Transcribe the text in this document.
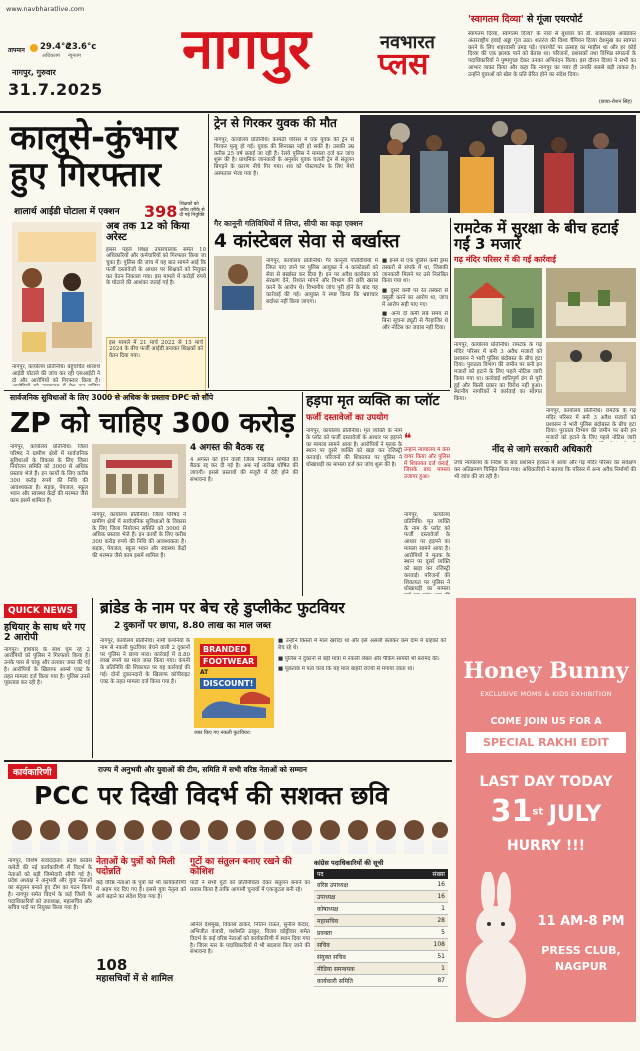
www.navbharatlive.com
तापमान 29.4°c
23.6°c
अधिकतम न्यूनतम
नागपुर, गुरुवार
31.7.2025
नागपुर	नवभारत
प्लस
'स्वागतम दिव्या' से गूंजा एयरपोर्ट
स्वागतम दिव्या, स्वागतम दिव्या' के नारों से बुधवार को डॉ. बाबासाहब आंबेडकर अंतरराष्ट्रीय हवाई अड्डा गूंज उठा। शतरंज की विश्व चैंपियन दिव्या देशमुख का स्वागत करने के लिए शहरवासी उमड़ पड़े। एयरपोर्ट पर उत्साह का माहौल था और हर कोई दिव्या की एक झलक पाने को बेताब था। परिजनों, प्रशंसकों तथा विभिन्न संगठनों के पदाधिकारियों ने पुष्पगुच्छ देकर उनका अभिनंदन किया। इस दौरान दिव्या ने सभी का आभार व्यक्त किया और कहा कि नागपुर का प्यार ही उनकी सबसे बड़ी ताकत है। उन्होंने युवाओं को खेल के प्रति प्रेरित होने का संदेश दिया।
(छाया-रोशन सिंह)
कालुसे-कुंभार हुए गिरफ्तार
शालार्थ आईडी घोटाला में एक्शन 398 शिक्षकों को अवैध तरीके से दी गई नियुक्ति
नागपुर, कार्यालय प्रतिनिधि। बहुचर्चित शालार्थ आईडी घोटाले की जांच कर रही एसआईटी ने दो और आरोपियों को गिरफ्तार किया है।
अब तक 12 को किया अरेस्ट
इससे पहले शिक्षा उपसंचालक समेत 10 अधिकारियों और कर्मचारियों को गिरफ्तार किया जा चुका है। पुलिस की जांच में यह बात सामने आई कि फर्जी दस्तावेजों के आधार पर शिक्षकों को नियुक्त कर वेतन निकाला गया। इस मामले में करोड़ों रुपये के घोटाले की आशंका जताई गई है।
इस मामले में 21 मार्च 2022 से 15 मार्च 2024 के बीच फर्जी आईडी बनाकर शिक्षकों को वेतन दिया गया।
ट्रेन से गिरकर युवक की मौत
नागपुर, कार्यालय प्रतिनिधि। कामठी परिसर में एक युवक की ट्रेन से गिरकर मृत्यु हो गई। युवक की शिनाख्त नहीं हो सकी है। उसकी उम्र करीब 25 वर्ष बताई जा रही है। रेलवे पुलिस ने मामला दर्ज कर जांच शुरू की है। प्राथमिक जानकारी के अनुसार युवक चलती ट्रेन से संतुलन बिगड़ने के कारण नीचे गिर गया। शव को पोस्टमार्टम के लिए मेयो अस्पताल भेजा गया है।
गैर कानूनी गतिविधियों में लिप्त, सीपी का कड़ा एक्शन
4 कांस्टेबल सेवा से बर्खास्त
नागपुर, कार्यालय प्रतिनिधि। गैर कानूनी गतिविधियों में लिप्त पाए जाने पर पुलिस आयुक्त ने 4 कांस्टेबलों को सेवा से बर्खास्त कर दिया है। इन पर अवैध कारोबार को संरक्षण देने, रिश्वत मांगने और विभाग की छवि खराब करने के आरोप थे। विभागीय जांच पूरी होने के बाद यह कार्रवाई की गई। आयुक्त ने स्पष्ट किया कि भ्रष्टाचार बर्दाश्त नहीं किया जाएगा।
■ इनमें से एक पुलिस कर्मी ड्रग्स तस्करों से संपर्क में था, जिसकी जानकारी मिलने पर उसे निलंबित किया गया था।
■ दूसरे कर्मी पर रेत तस्करों से वसूली करने का आरोप था, जांच में आरोप सही पाए गए।
■ अन्य दो कर्मी लंबे समय से बिना सूचना ड्यूटी से गैरहाजिर थे और नोटिस का जवाब नहीं दिया।
रामटेक में सुरक्षा के बीच हटाई गईं 3 मजारें
गढ़ मंदिर परिसर में की गई कार्रवाई
नागपुर, कार्यालय प्रतिनिधि। रामटेक के गढ़ मंदिर परिसर में बनी 3 अवैध मजारों को प्रशासन ने भारी पुलिस बंदोबस्त के बीच हटा दिया। पुरातत्व विभाग की जमीन पर बनी इन मजारों को हटाने के लिए पहले नोटिस जारी किया गया था। कार्रवाई शांतिपूर्ण ढंग से पूरी हुई और किसी प्रकार का विरोध नहीं हुआ। स्थानीय नागरिकों ने कार्रवाई का स्वागत किया।
नागपुर, कार्यालय प्रतिनिधि। रामटेक के गढ़ मंदिर परिसर में बनी 3 अवैध मजारों को प्रशासन ने भारी पुलिस बंदोबस्त के बीच हटा दिया। पुरातत्व विभाग की जमीन पर बनी इन मजारों को हटाने के लिए पहले नोटिस जारी
नींद से जागे सरकारी अधिकारी
उच्च न्यायालय के निर्देश के बाद प्रशासन हरकत में आया और गढ़ मंदिर परिसर का सर्वेक्षण कर अतिक्रमण चिन्हित किया गया। अधिकारियों ने बताया कि परिसर में अन्य अवैध निर्माणों की भी जांच की जा रही है।
सार्वजनिक सुविधाओं के लिए 3000 से अधिक के प्रस्ताव DPC को सौंपे
ZP को चाहिए 300 करोड़
नागपुर, कार्यालय प्रतिनिधि। जिला परिषद ने ग्रामीण क्षेत्रों में सार्वजनिक सुविधाओं के विकास के लिए जिला नियोजन समिति को 3000 से अधिक प्रस्ताव भेजे हैं। इन कार्यों के लिए करीब 300 करोड़ रुपये की निधि की आवश्यकता है। सड़क, पेयजल, स्कूल भवन और स्वास्थ्य केंद्रों की मरम्मत जैसे काम इसमें शामिल हैं।
नागपुर, कार्यालय प्रतिनिधि। जिला परिषद ने ग्रामीण क्षेत्रों में सार्वजनिक सुविधाओं के विकास के लिए जिला नियोजन समिति को 3000 से अधिक प्रस्ताव भेजे हैं। इन कार्यों के लिए करीब 300 करोड़ रुपये की निधि की आवश्यकता है। सड़क, पेयजल, स्कूल भवन और स्वास्थ्य केंद्रों की मरम्मत जैसे काम इसमें शामिल हैं।
4 अगस्त की बैठक रद्द
4 अगस्त को होने वाली जिला नियोजन समिति की बैठक रद्द कर दी गई है। अब नई तारीख घोषित की जाएगी। इससे प्रस्तावों की मंजूरी में देरी होने की संभावना है।
हड़पा मृत व्यक्ति का प्लॉट
फर्जी दस्तावेजों का उपयोग
नागपुर, कार्यालय प्रतिनिधि। मृत व्यक्ति के नाम के प्लॉट को फर्जी दस्तावेजों के आधार पर हड़पने का मामला सामने आया है। आरोपियों ने मृतक के स्थान पर दूसरे व्यक्ति को खड़ा कर रजिस्ट्री करवाई। परिजनों की शिकायत पर पुलिस ने धोखाधड़ी का मामला दर्ज कर जांच शुरू की है।
❝
उन्होंने न्यायालय में केस दायर किया और पुलिस में शिकायत दर्ज कराई, जिसके बाद मामला उजागर हुआ।
नागपुर, कार्यालय प्रतिनिधि। मृत व्यक्ति के नाम के प्लॉट को फर्जी दस्तावेजों के आधार पर हड़पने का मामला सामने आया है। आरोपियों ने मृतक के स्थान पर दूसरे व्यक्ति को खड़ा कर रजिस्ट्री करवाई। परिजनों की शिकायत पर पुलिस ने धोखाधड़ी का मामला
QUICK NEWS
हथियार के साथ धरे गए 2 आरोपी
नागपुर। हथियार के साथ घूम रहे 2 आरोपियों को पुलिस ने गिरफ्तार किया है। उनके पास से चाकू और तलवार जब्त की गई है। आरोपियों के खिलाफ आर्म्स एक्ट के तहत मामला दर्ज किया गया है। पुलिस उनसे पूछताछ कर रही है।
ब्रांडेड के नाम पर बेच रहे डुप्लीकेट फुटवियर
2 दुकानों पर छापा, 8.80 लाख का माल जब्त
नागपुर, कार्यालय प्रतिनिधि। नामी कंपनियों के नाम से नकली फुटवियर बेचने वाली 2 दुकानों पर पुलिस ने छापा मारा। कार्रवाई में 8.80 लाख रुपये का माल जब्त किया गया। कंपनी के प्रतिनिधि की शिकायत पर यह कार्रवाई की गई। दोनों दुकानदारों के खिलाफ कॉपीराइट एक्ट के तहत मामला दर्ज किया गया है।
BRANDED
FOOTWEAR
AT
DISCOUNT!
जब्त किए गए नकली फुटवियर।
■ उन्होंने किस्तों में माल खरीदा था और इसे असली बताकर कम दाम में ग्राहकों को बेच रहे थे।
■ पुलिस ने दुकानों से बड़ी मात्रा में नकली लेबल और पैकिंग सामग्री भी बरामद की।
■ पूछताछ में पता चला कि यह माल बाहरी राज्यों से मंगाया जाता था।	Honey Bunny
EXCLUSIVE MOMS & KIDS EXHIBITION
COME JOIN US FOR A
SPECIAL RAKHI EDIT
LAST DAY TODAY
31st JULY
HURRY !!!
11 AM-8 PM
PRESS CLUB,
NAGPUR
कार्यकारिणी	राज्य में अनुभवी और युवाओं की टीम, समिति में सभी वरिष्ठ नेताओं को सम्मान
PCC पर दिखी विदर्भ की सशक्त छवि
नागपुर, विशेष संवाददाता। प्रदेश कांग्रेस कमेटी की नई कार्यकारिणी में विदर्भ के नेताओं को बड़ी जिम्मेदारी सौंपी गई है। प्रदेश अध्यक्ष ने अनुभवी और युवा नेताओं का संतुलन बनाते हुए टीम का गठन किया है। नागपुर समेत विदर्भ के कई जिलों के पदाधिकारियों को उपाध्यक्ष, महासचिव और सचिव पदों पर नियुक्त किया गया है।
नेताओं के पुत्रों को मिली पदोन्नति
कई वरिष्ठ नेताओं के पुत्रों को भी कार्यकारिणी में अहम पद दिए गए हैं। इससे युवा नेतृत्व को आगे बढ़ाने का संदेश दिया गया है।
108
महासचिवों में से शामिल
गुटों का संतुलन बनाए रखने की कोशिश
पार्टी ने सभी गुटों को प्रतिनिधित्व देकर संतुलन बनाने का प्रयास किया है ताकि आगामी चुनावों में एकजुटता बनी रहे।
अनिल देशमुख, विकास ठाकरे, नितिन राऊत, सुनील केदार, अभिजीत वंजारी, यशोमति ठाकुर, विजय वडेट्टीवार समेत विदर्भ के कई वरिष्ठ नेताओं को कार्यकारिणी में स्थान दिया गया है। जिला स्तर के पदाधिकारियों में भी बदलाव किए जाने की संभावना है।
कांग्रेस पदाधिकारियों की सूची
पद	संख्या
वरिष्ठ उपाध्यक्ष	16
उपाध्यक्ष	16
कोषाध्यक्ष	1
महासचिव	28
प्रवक्ता	5
सचिव	108
संयुक्त सचिव	51
मीडिया समन्वयक	1
कार्यकारी समिति	87
